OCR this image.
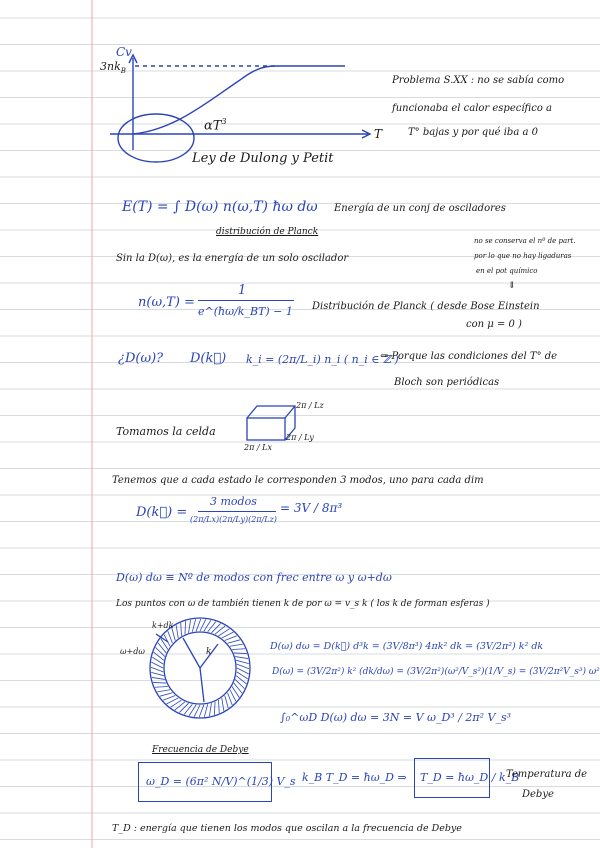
Cv
$3nk_B$
T
$\alpha T^3$
Ley de Dulong y Petit
Problema S.XX : no se sabía como
funcionaba el calor específico a
T° bajas y por qué iba a 0
E(T) = ∫ D(ω) n(ω,T) ħω dω Energía de un conj de osciladores
distribución de Planck
Sin la D(ω), es la energía de un solo oscilador
no se conserva el nº de part.
por lo que no hay ligaduras
en el pot químico
⇓
n(ω,T) =
1
e^(ħω/k_BT) − 1 Distribución de Planck ( desde Bose Einstein
con μ = 0 )
¿D(ω)? D(k⃗) k_i = (2π/L_i) n_i ( n_i ∈ ℤ )
⇐ Porque las condiciones del T° de
Bloch son periódicas
Tomamos la celda
2π / Lx
2π / Ly
2π / Lz
Tenemos que a cada estado le corresponden 3 modos, uno para cada dim
D(k⃗) =
3 modos
(2π/Lx)(2π/Ly)(2π/Lz)
= 3V / 8π³
D(ω) dω ≡ Nº de modos con frec entre ω y ω+dω
Los puntos con ω de también tienen k de por ω = v_s k ( los k de forman esferas )
ω+dω
k+dk
k	D(ω) dω = D(k⃗) d³k = (3V/8π³) 4πk² dk = (3V/2π²) k² dk
D(ω) = (3V/2π²) k² (dk/dω) = (3V/2π²)(ω²/V_s²)(1/V_s) = (3V/2π²V_s³) ω²
∫₀^ωD D(ω) dω = 3N = V ω_D³ / 2π² V_s³
Frecuencia de Debye
ω_D = (6π² N/V)^(1/3) V_s k_B T_D = ħω_D ⇒ T_D = ħω_D / k_B
Temperatura de
Debye
T_D : energía que tienen los modos que oscilan a la frecuencia de Debye
